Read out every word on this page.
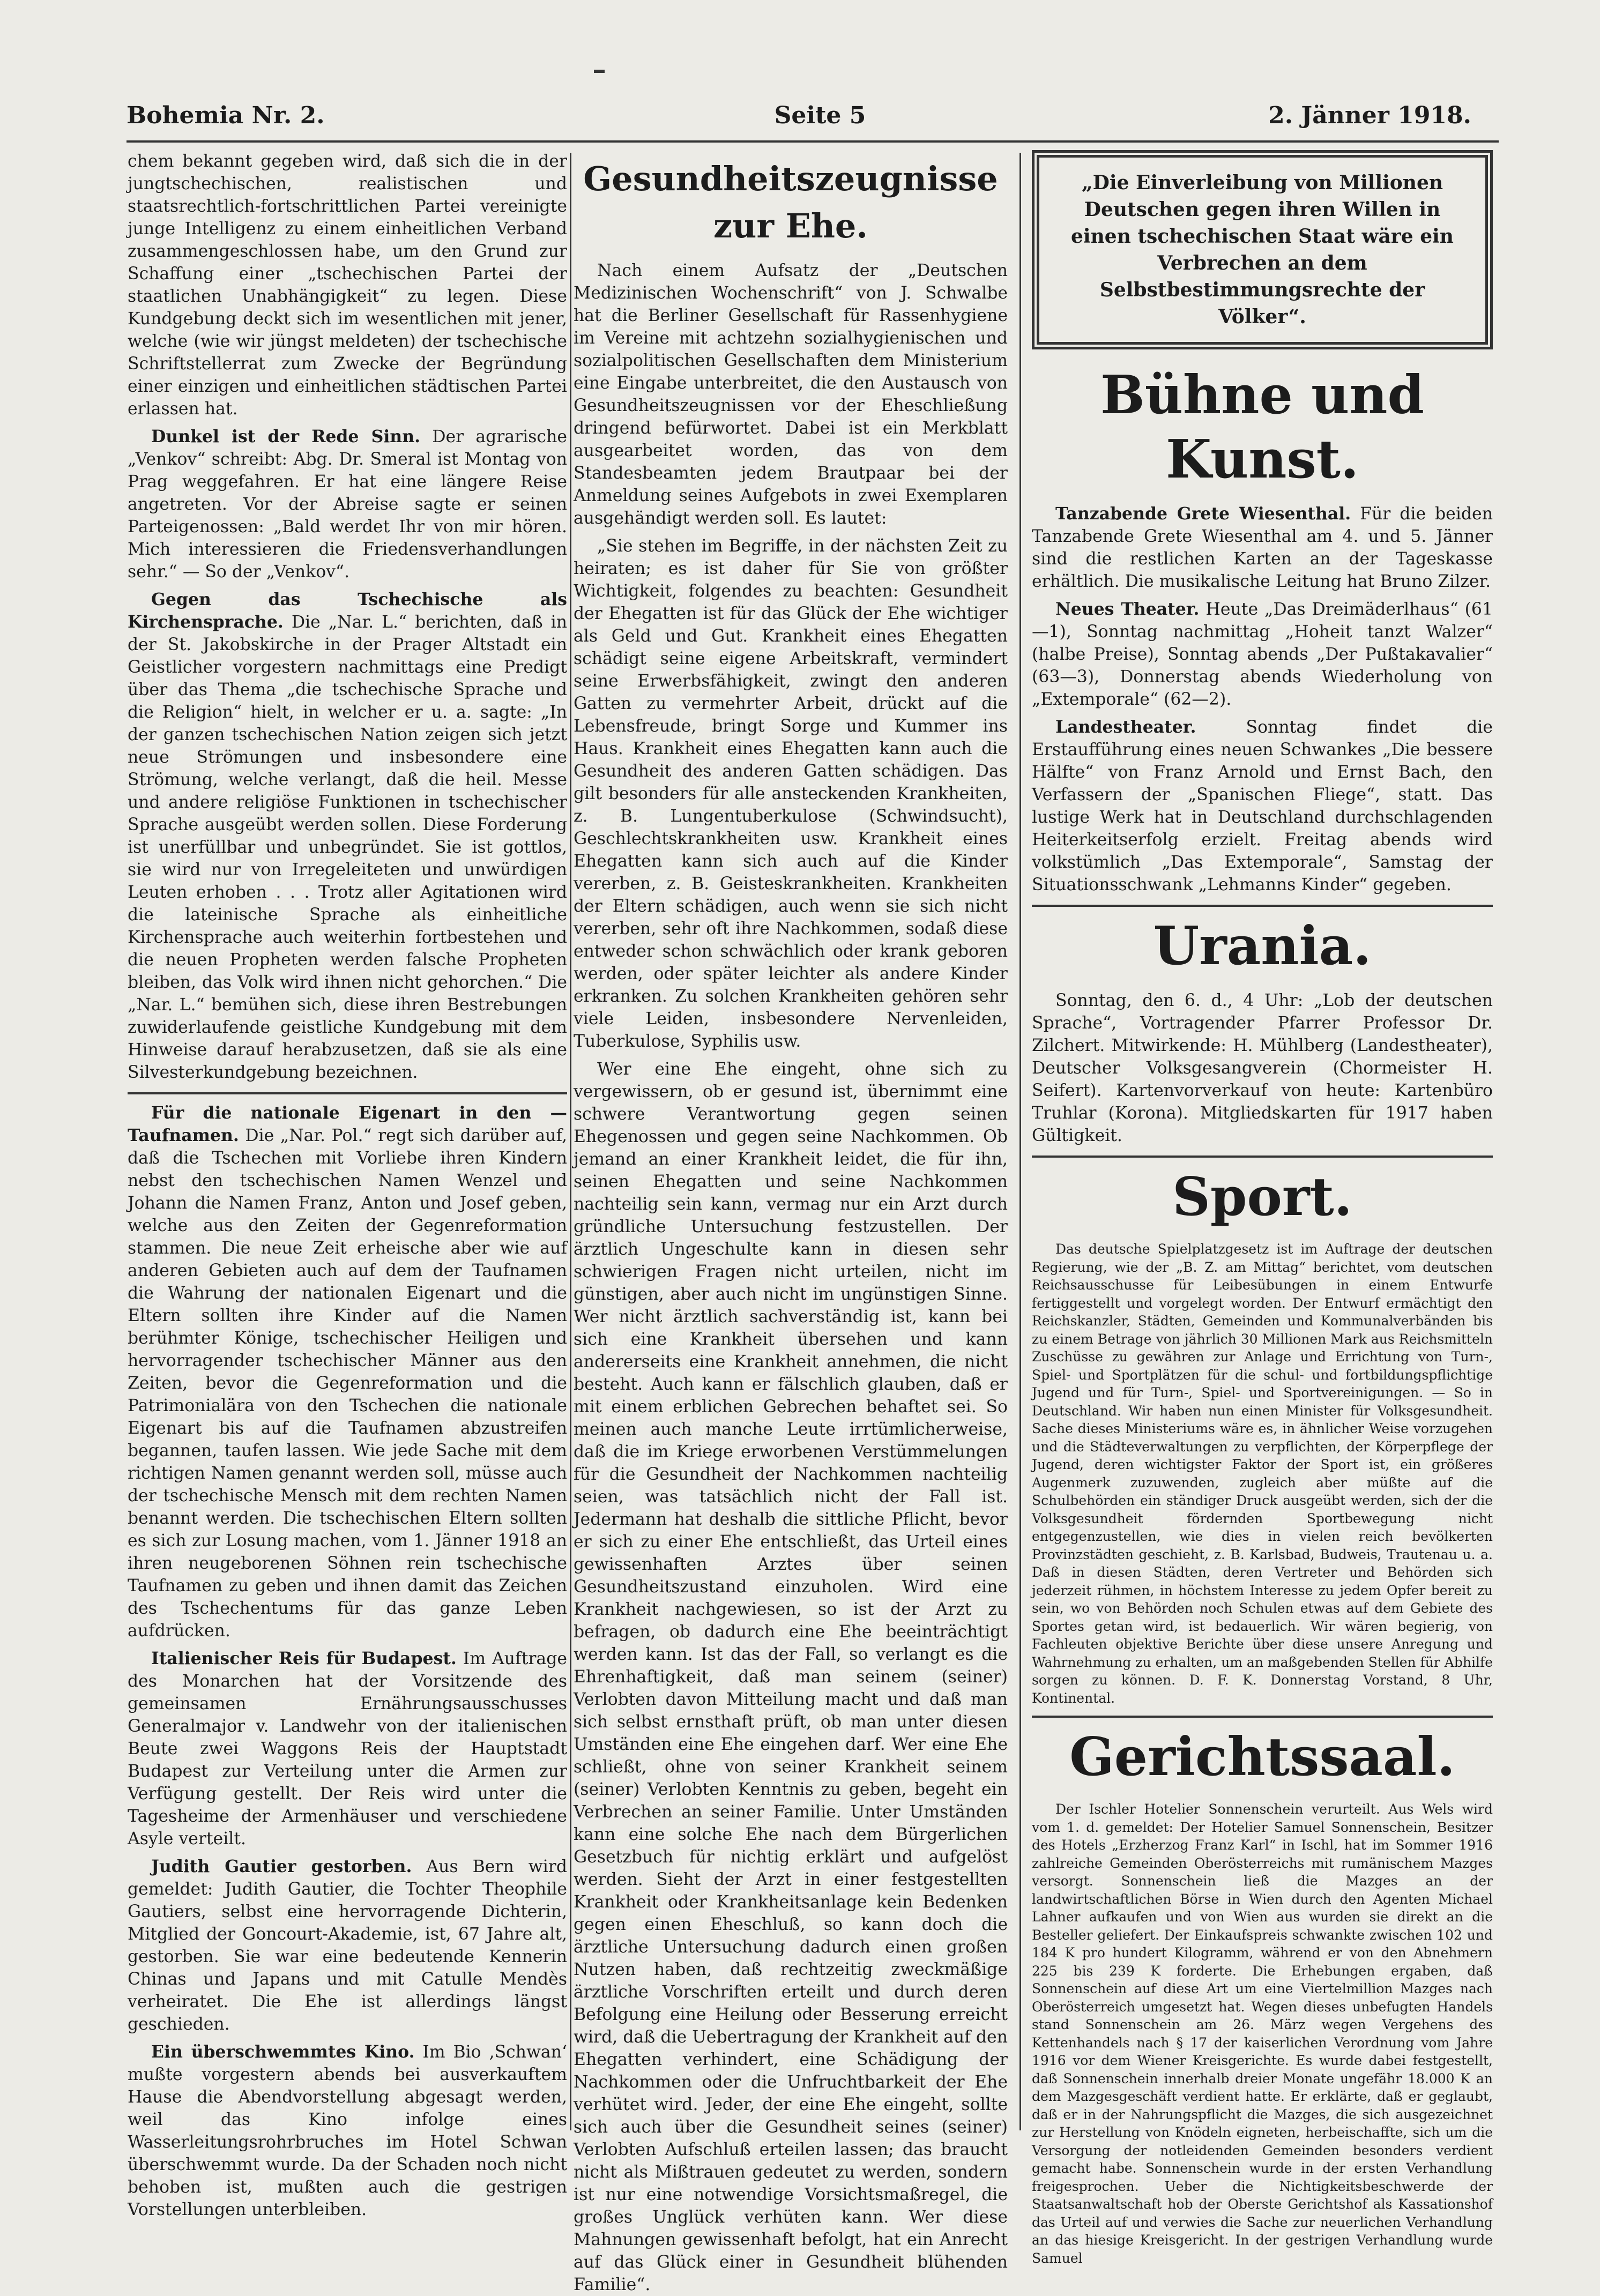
Bohemia Nr. 2.	Seite 5	2. Jänner 1918.

chem bekannt gegeben wird, daß sich die in der jungtschechischen, realistischen und staatsrechtlich-fortschrittlichen Partei vereinigte junge Intelligenz zu einem einheitlichen Verband zusammengeschlossen habe, um den Grund zur Schaffung einer „tschechischen Partei der staatlichen Unabhängigkeit“ zu legen. Diese Kundgebung deckt sich im wesentlichen mit jener, welche (wie wir jüngst meldeten) der tschechische Schriftstellerrat zum Zwecke der Begründung einer einzigen und einheitlichen städtischen Partei erlassen hat.

Dunkel ist der Rede Sinn. Der agrarische „Venkov“ schreibt: Abg. Dr. Smeral ist Montag von Prag weggefahren. Er hat eine längere Reise angetreten. Vor der Abreise sagte er seinen Parteigenossen: „Bald werdet Ihr von mir hören. Mich interessieren die Friedensverhandlungen sehr.“ — So der „Venkov“.

Gegen das Tschechische als Kirchensprache. Die „Nar. L.“ berichten, daß in der St. Jakobskirche in der Prager Altstadt ein Geistlicher vorgestern nachmittags eine Predigt über das Thema „die tschechische Sprache und die Religion“ hielt, in welcher er u. a. sagte: „In der ganzen tschechischen Nation zeigen sich jetzt neue Strömungen und insbesondere eine Strömung, welche verlangt, daß die heil. Messe und andere religiöse Funktionen in tschechischer Sprache ausgeübt werden sollen. Diese Forderung ist unerfüllbar und unbegründet. Sie ist gottlos, sie wird nur von Irregeleiteten und unwürdigen Leuten erhoben . . . Trotz aller Agitationen wird die lateinische Sprache als einheitliche Kirchensprache auch weiterhin fortbestehen und die neuen Propheten werden falsche Propheten bleiben, das Volk wird ihnen nicht gehorchen.“ Die „Nar. L.“ bemühen sich, diese ihren Bestrebungen zuwiderlaufende geistliche Kundgebung mit dem Hinweise darauf herabzusetzen, daß sie als eine Silvesterkundgebung bezeichnen.

Für die nationale Eigenart in den — Taufnamen. Die „Nar. Pol.“ regt sich darüber auf, daß die Tschechen mit Vorliebe ihren Kindern nebst den tschechischen Namen Wenzel und Johann die Namen Franz, Anton und Josef geben, welche aus den Zeiten der Gegenreformation stammen. Die neue Zeit erheische aber wie auf anderen Gebieten auch auf dem der Taufnamen die Wahrung der nationalen Eigenart und die Eltern sollten ihre Kinder auf die Namen berühmter Könige, tschechischer Heiligen und hervorragender tschechischer Männer aus den Zeiten, bevor die Gegenreformation und die Patrimonialära von den Tschechen die nationale Eigenart bis auf die Taufnamen abzustreifen begannen, taufen lassen. Wie jede Sache mit dem richtigen Namen genannt werden soll, müsse auch der tschechische Mensch mit dem rechten Namen benannt werden. Die tschechischen Eltern sollten es sich zur Losung machen, vom 1. Jänner 1918 an ihren neugeborenen Söhnen rein tschechische Taufnamen zu geben und ihnen damit das Zeichen des Tschechentums für das ganze Leben aufdrücken.

Italienischer Reis für Budapest. Im Auftrage des Monarchen hat der Vorsitzende des gemeinsamen Ernährungsausschusses Generalmajor v. Landwehr von der italienischen Beute zwei Waggons Reis der Hauptstadt Budapest zur Verteilung unter die Armen zur Verfügung gestellt. Der Reis wird unter die Tagesheime der Armenhäuser und verschiedene Asyle verteilt.

Judith Gautier gestorben. Aus Bern wird gemeldet: Judith Gautier, die Tochter Theophile Gautiers, selbst eine hervorragende Dichterin, Mitglied der Goncourt-Akademie, ist, 67 Jahre alt, gestorben. Sie war eine bedeutende Kennerin Chinas und Japans und mit Catulle Mendès verheiratet. Die Ehe ist allerdings längst geschieden.

Ein überschwemmtes Kino. Im Bio ‚Schwan‘ mußte vorgestern abends bei ausverkauftem Hause die Abendvorstellung abgesagt werden, weil das Kino infolge eines Wasserleitungsrohrbruches im Hotel Schwan überschwemmt wurde. Da der Schaden noch nicht behoben ist, mußten auch die gestrigen Vorstellungen unterbleiben.

Gesundheitszeugnisse zur Ehe.

Nach einem Aufsatz der „Deutschen Medizinischen Wochenschrift“ von J. Schwalbe hat die Berliner Gesellschaft für Rassenhygiene im Vereine mit achtzehn sozialhygienischen und sozialpolitischen Gesellschaften dem Ministerium eine Eingabe unterbreitet, die den Austausch von Gesundheitszeugnissen vor der Eheschließung dringend befürwortet. Dabei ist ein Merkblatt ausgearbeitet worden, das von dem Standesbeamten jedem Brautpaar bei der Anmeldung seines Aufgebots in zwei Exemplaren ausgehändigt werden soll. Es lautet:

„Sie stehen im Begriffe, in der nächsten Zeit zu heiraten; es ist daher für Sie von größter Wichtigkeit, folgendes zu beachten: Gesundheit der Ehegatten ist für das Glück der Ehe wichtiger als Geld und Gut. Krankheit eines Ehegatten schädigt seine eigene Arbeitskraft, vermindert seine Erwerbsfähigkeit, zwingt den anderen Gatten zu vermehrter Arbeit, drückt auf die Lebensfreude, bringt Sorge und Kummer ins Haus. Krankheit eines Ehegatten kann auch die Gesundheit des anderen Gatten schädigen. Das gilt besonders für alle ansteckenden Krankheiten, z. B. Lungentuberkulose (Schwindsucht), Geschlechtskrankheiten usw. Krankheit eines Ehegatten kann sich auch auf die Kinder vererben, z. B. Geisteskrankheiten. Krankheiten der Eltern schädigen, auch wenn sie sich nicht vererben, sehr oft ihre Nachkommen, sodaß diese entweder schon schwächlich oder krank geboren werden, oder später leichter als andere Kinder erkranken. Zu solchen Krankheiten gehören sehr viele Leiden, insbesondere Nervenleiden, Tuberkulose, Syphilis usw.

Wer eine Ehe eingeht, ohne sich zu vergewissern, ob er gesund ist, übernimmt eine schwere Verantwortung gegen seinen Ehegenossen und gegen seine Nachkommen. Ob jemand an einer Krankheit leidet, die für ihn, seinen Ehegatten und seine Nachkommen nachteilig sein kann, vermag nur ein Arzt durch gründliche Untersuchung festzustellen. Der ärztlich Ungeschulte kann in diesen sehr schwierigen Fragen nicht urteilen, nicht im günstigen, aber auch nicht im ungünstigen Sinne. Wer nicht ärztlich sachverständig ist, kann bei sich eine Krankheit übersehen und kann andererseits eine Krankheit annehmen, die nicht besteht. Auch kann er fälschlich glauben, daß er mit einem erblichen Gebrechen behaftet sei. So meinen auch manche Leute irrtümlicherweise, daß die im Kriege erworbenen Verstümmelungen für die Gesundheit der Nachkommen nachteilig seien, was tatsächlich nicht der Fall ist. Jedermann hat deshalb die sittliche Pflicht, bevor er sich zu einer Ehe entschließt, das Urteil eines gewissenhaften Arztes über seinen Gesundheitszustand einzuholen. Wird eine Krankheit nachgewiesen, so ist der Arzt zu befragen, ob dadurch eine Ehe beeinträchtigt werden kann. Ist das der Fall, so verlangt es die Ehrenhaftigkeit, daß man seinem (seiner) Verlobten davon Mitteilung macht und daß man sich selbst ernsthaft prüft, ob man unter diesen Umständen eine Ehe eingehen darf. Wer eine Ehe schließt, ohne von seiner Krankheit seinem (seiner) Verlobten Kenntnis zu geben, begeht ein Verbrechen an seiner Familie. Unter Umständen kann eine solche Ehe nach dem Bürgerlichen Gesetzbuch für nichtig erklärt und aufgelöst werden. Sieht der Arzt in einer festgestellten Krankheit oder Krankheitsanlage kein Bedenken gegen einen Eheschluß, so kann doch die ärztliche Untersuchung dadurch einen großen Nutzen haben, daß rechtzeitig zweckmäßige ärztliche Vorschriften erteilt und durch deren Befolgung eine Heilung oder Besserung erreicht wird, daß die Uebertragung der Krankheit auf den Ehegatten verhindert, eine Schädigung der Nachkommen oder die Unfruchtbarkeit der Ehe verhütet wird. Jeder, der eine Ehe eingeht, sollte sich auch über die Gesundheit seines (seiner) Verlobten Aufschluß erteilen lassen; das braucht nicht als Mißtrauen gedeutet zu werden, sondern ist nur eine notwendige Vorsichtsmaßregel, die großes Unglück verhüten kann. Wer diese Mahnungen gewissenhaft befolgt, hat ein Anrecht auf das Glück einer in Gesundheit blühenden Familie“.

„Die Einverleibung von Millionen Deutschen gegen ihren Willen in einen tschechischen Staat wäre ein Verbrechen an dem Selbstbestimmungsrechte der Völker“.
Bühne und Kunst.

Tanzabende Grete Wiesenthal. Für die beiden Tanzabende Grete Wiesenthal am 4. und 5. Jänner sind die restlichen Karten an der Tageskasse erhältlich. Die musikalische Leitung hat Bruno Zilzer.

Neues Theater. Heute „Das Dreimäderlhaus“ (61—1), Sonntag nachmittag „Hoheit tanzt Walzer“ (halbe Preise), Sonntag abends „Der Pußtakavalier“ (63—3), Donnerstag abends Wiederholung von „Extemporale“ (62—2).

Landestheater.	Sonntag findet die Erstaufführung eines neuen Schwankes „Die bessere Hälfte“ von Franz Arnold und Ernst Bach, den Verfassern der „Spanischen Fliege“, statt. Das lustige Werk hat in Deutschland durchschlagenden Heiterkeitserfolg erzielt. Freitag abends wird volkstümlich „Das Extemporale“, Samstag der Situationsschwank „Lehmanns Kinder“ gegeben.

Urania.

Sonntag, den 6. d., 4 Uhr: „Lob der deutschen Sprache“, Vortragender Pfarrer Professor Dr. Zilchert. Mitwirkende: H. Mühlberg (Landestheater), Deutscher Volksgesangverein (Chormeister H. Seifert). Kartenvorverkauf von heute: Kartenbüro Truhlar (Korona). Mitgliedskarten für 1917 haben Gültigkeit.

Sport.

Das deutsche Spielplatzgesetz ist im Auftrage der deutschen Regierung, wie der „B. Z. am Mittag“ berichtet, vom deutschen Reichsausschusse für Leibesübungen in einem Entwurfe fertiggestellt und vorgelegt worden. Der Entwurf ermächtigt den Reichskanzler, Städten, Gemeinden und Kommunalverbänden bis zu einem Betrage von jährlich 30 Millionen Mark aus Reichsmitteln Zuschüsse zu gewähren zur Anlage und Errichtung von Turn-, Spiel- und Sportplätzen für die schul- und fortbildungspflichtige Jugend und für Turn-, Spiel- und Sportvereinigungen. — So in Deutschland. Wir haben nun einen Minister für Volksgesundheit. Sache dieses Ministeriums wäre es, in ähnlicher Weise vorzugehen und die Städteverwaltungen zu verpflichten, der Körperpflege der Jugend, deren wichtigster Faktor der Sport ist, ein größeres Augenmerk zuzuwenden, zugleich aber müßte auf die Schulbehörden ein ständiger Druck ausgeübt werden, sich der die Volksgesundheit fördernden Sportbewegung nicht entgegenzustellen, wie dies in vielen reich bevölkerten Provinzstädten geschieht, z. B. Karlsbad, Budweis, Trautenau u. a. Daß in diesen Städten, deren Vertreter und Behörden sich jederzeit rühmen, in höchstem Interesse zu jedem Opfer bereit zu sein, wo von Behörden noch Schulen etwas auf dem Gebiete des Sportes getan wird, ist bedauerlich. Wir wären begierig, von Fachleuten objektive Berichte über diese unsere Anregung und Wahrnehmung zu erhalten, um an maßgebenden Stellen für Abhilfe sorgen zu können. D. F. K. Donnerstag Vorstand, 8 Uhr, Kontinental.

Gerichtssaal.

Der Ischler Hotelier Sonnenschein verurteilt. Aus Wels wird vom 1. d. gemeldet: Der Hotelier Samuel Sonnenschein, Besitzer des Hotels „Erzherzog Franz Karl“ in Ischl, hat im Sommer 1916 zahlreiche Gemeinden Oberösterreichs mit rumänischem Mazges versorgt. Sonnenschein ließ die Mazges an der landwirtschaftlichen Börse in Wien durch den Agenten Michael Lahner aufkaufen und von Wien aus wurden sie direkt an die Besteller geliefert. Der Einkaufspreis schwankte zwischen 102 und 184 K pro hundert Kilogramm, während er von den Abnehmern 225 bis 239 K forderte. Die Erhebungen ergaben, daß Sonnenschein auf diese Art um eine Viertelmillion Mazges nach Oberösterreich umgesetzt hat. Wegen dieses unbefugten Handels stand Sonnenschein am 26. März wegen Vergehens des Kettenhandels nach § 17 der kaiserlichen Verordnung vom Jahre 1916 vor dem Wiener Kreisgerichte. Es wurde dabei festgestellt, daß Sonnenschein innerhalb dreier Monate ungefähr 18.000 K an dem Mazgesgeschäft verdient hatte. Er erklärte, daß er geglaubt, daß er in der Nahrungspflicht die Mazges, die sich ausgezeichnet zur Herstellung von Knödeln eigneten, herbeischaffte, sich um die Versorgung der notleidenden Gemeinden besonders verdient gemacht habe. Sonnenschein wurde in der ersten Verhandlung freigesprochen. Ueber die Nichtigkeitsbeschwerde der Staatsanwaltschaft hob der Oberste Gerichtshof als Kassationshof das Urteil auf und verwies die Sache zur neuerlichen Verhandlung an das hiesige Kreisgericht. In der gestrigen Verhandlung wurde Samuel
